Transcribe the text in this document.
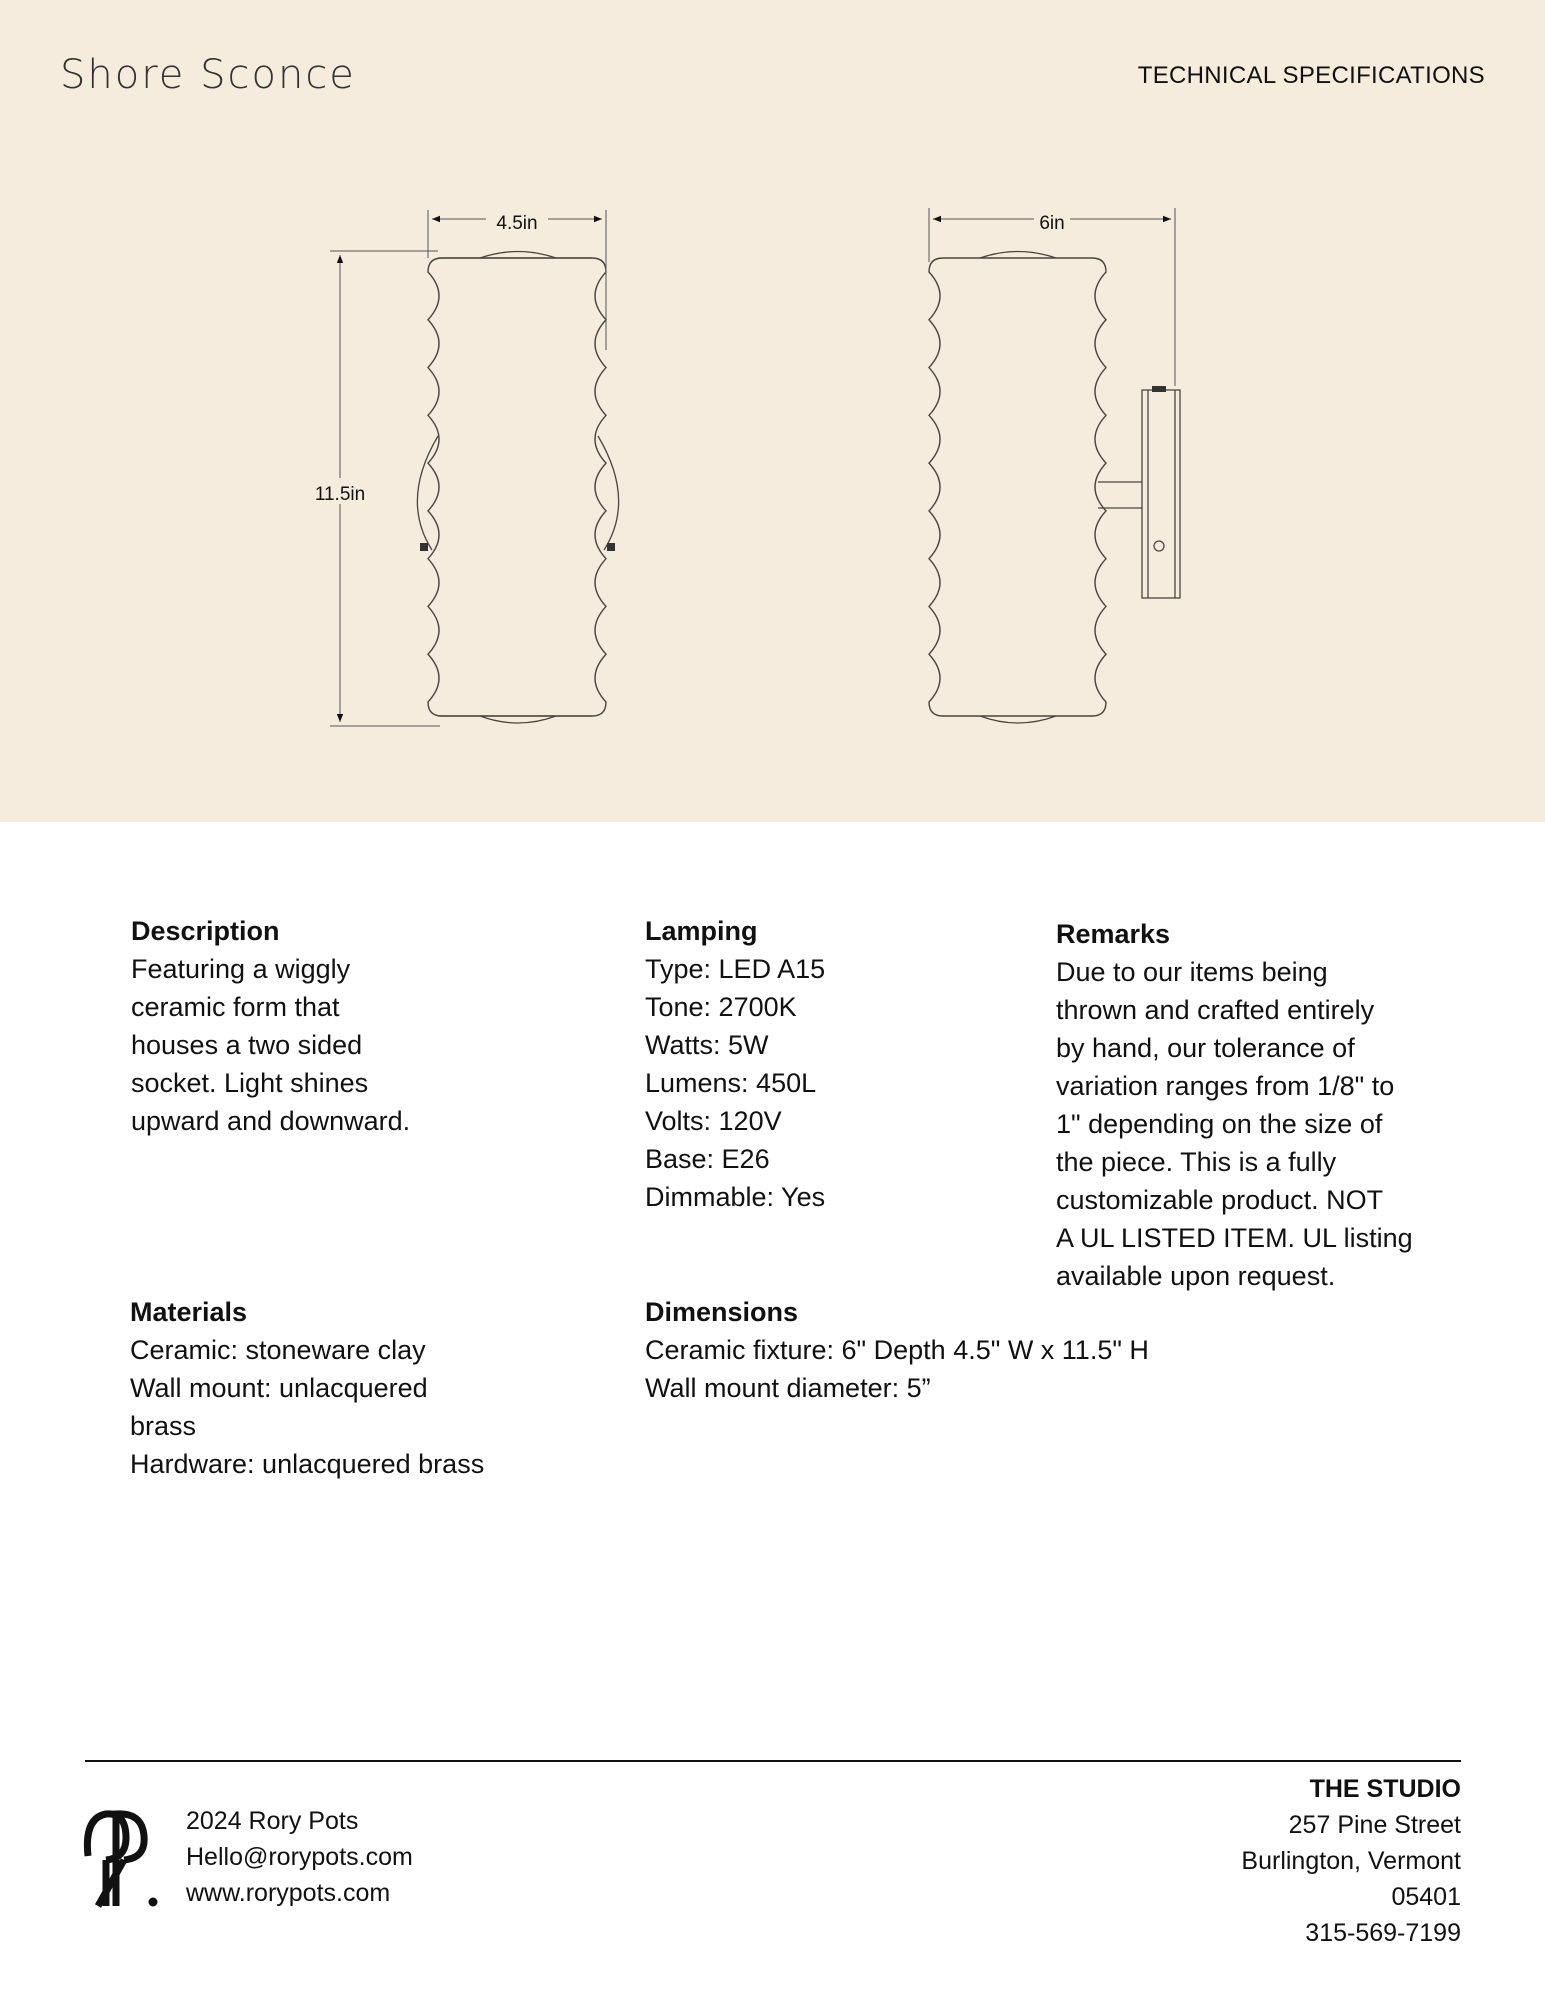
Shore Sconce	TECHNICAL SPECIFICATIONS
4.5in
11.5in
6in
Description
Featuring a wiggly
ceramic form that
houses a two sided
socket. Light shines
upward and downward.
Lamping
Type: LED A15
Tone: 2700K
Watts: 5W
Lumens: 450L
Volts: 120V
Base: E26
Dimmable: Yes
Remarks
Due to our items being
thrown and crafted entirely
by hand, our tolerance of
variation ranges from 1/8" to
1" depending on the size of
the piece. This is a fully
customizable product. NOT
A UL LISTED ITEM. UL listing
available upon request.
Materials
Ceramic: stoneware clay
Wall mount: unlacquered
brass
Hardware: unlacquered brass
Dimensions
Ceramic fixture: 6" Depth 4.5" W x 11.5" H
Wall mount diameter: 5”
2024 Rory Pots
Hello@rorypots.com
www.rorypots.com
THE STUDIO
257 Pine Street
Burlington, Vermont
05401
315-569-7199
